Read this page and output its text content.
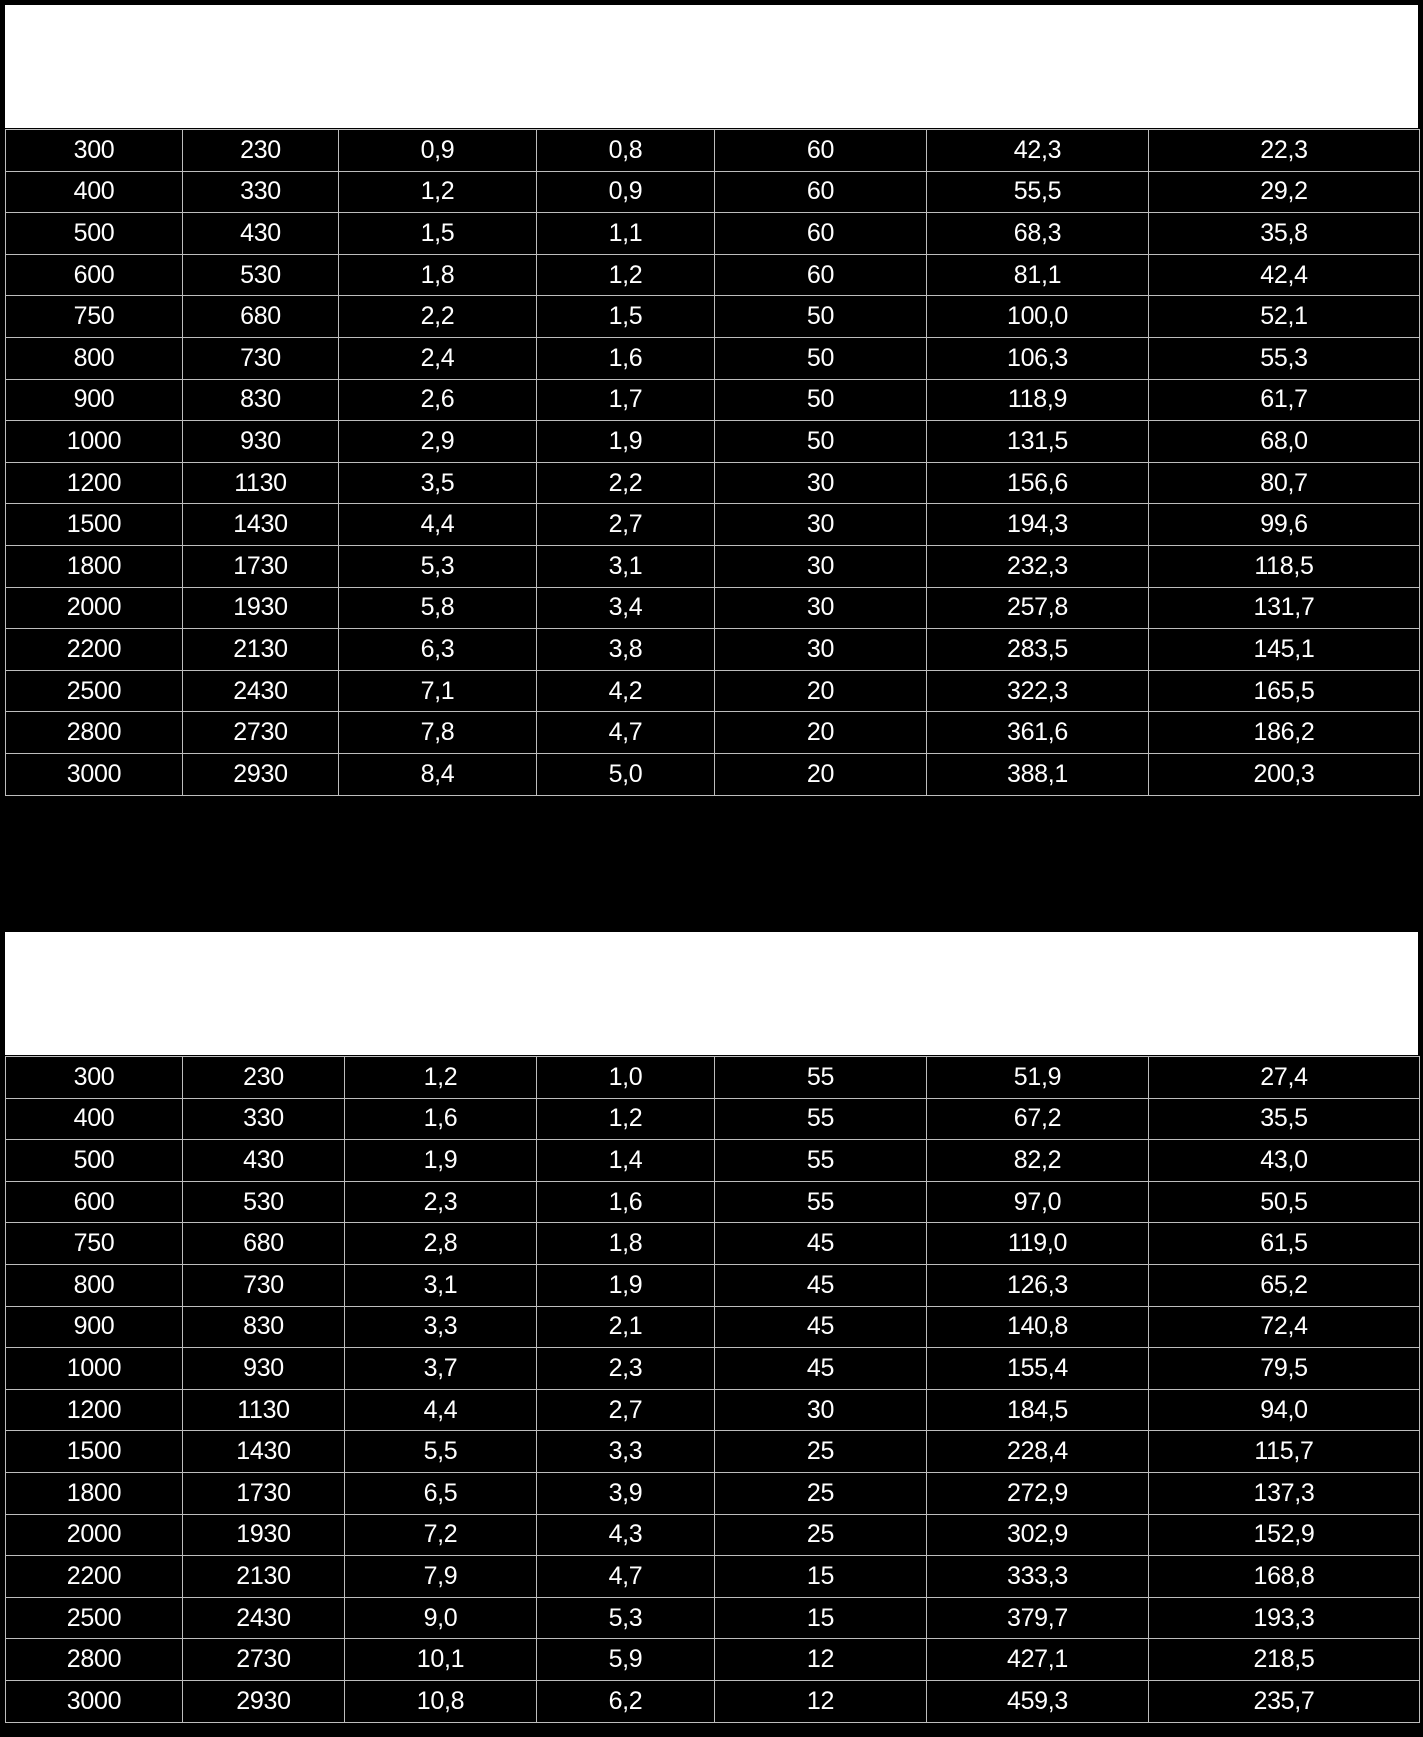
300	230	0,9	0,8	60	42,3	22,3
400	330	1,2	0,9	60	55,5	29,2
500	430	1,5	1,1	60	68,3	35,8
600	530	1,8	1,2	60	81,1	42,4
750	680	2,2	1,5	50	100,0	52,1
800	730	2,4	1,6	50	106,3	55,3
900	830	2,6	1,7	50	118,9	61,7
1000	930	2,9	1,9	50	131,5	68,0
1200	1130	3,5	2,2	30	156,6	80,7
1500	1430	4,4	2,7	30	194,3	99,6
1800	1730	5,3	3,1	30	232,3	118,5
2000	1930	5,8	3,4	30	257,8	131,7
2200	2130	6,3	3,8	30	283,5	145,1
2500	2430	7,1	4,2	20	322,3	165,5
2800	2730	7,8	4,7	20	361,6	186,2
3000	2930	8,4	5,0	20	388,1	200,3
300	230	1,2	1,0	55	51,9	27,4
400	330	1,6	1,2	55	67,2	35,5
500	430	1,9	1,4	55	82,2	43,0
600	530	2,3	1,6	55	97,0	50,5
750	680	2,8	1,8	45	119,0	61,5
800	730	3,1	1,9	45	126,3	65,2
900	830	3,3	2,1	45	140,8	72,4
1000	930	3,7	2,3	45	155,4	79,5
1200	1130	4,4	2,7	30	184,5	94,0
1500	1430	5,5	3,3	25	228,4	115,7
1800	1730	6,5	3,9	25	272,9	137,3
2000	1930	7,2	4,3	25	302,9	152,9
2200	2130	7,9	4,7	15	333,3	168,8
2500	2430	9,0	5,3	15	379,7	193,3
2800	2730	10,1	5,9	12	427,1	218,5
3000	2930	10,8	6,2	12	459,3	235,7
